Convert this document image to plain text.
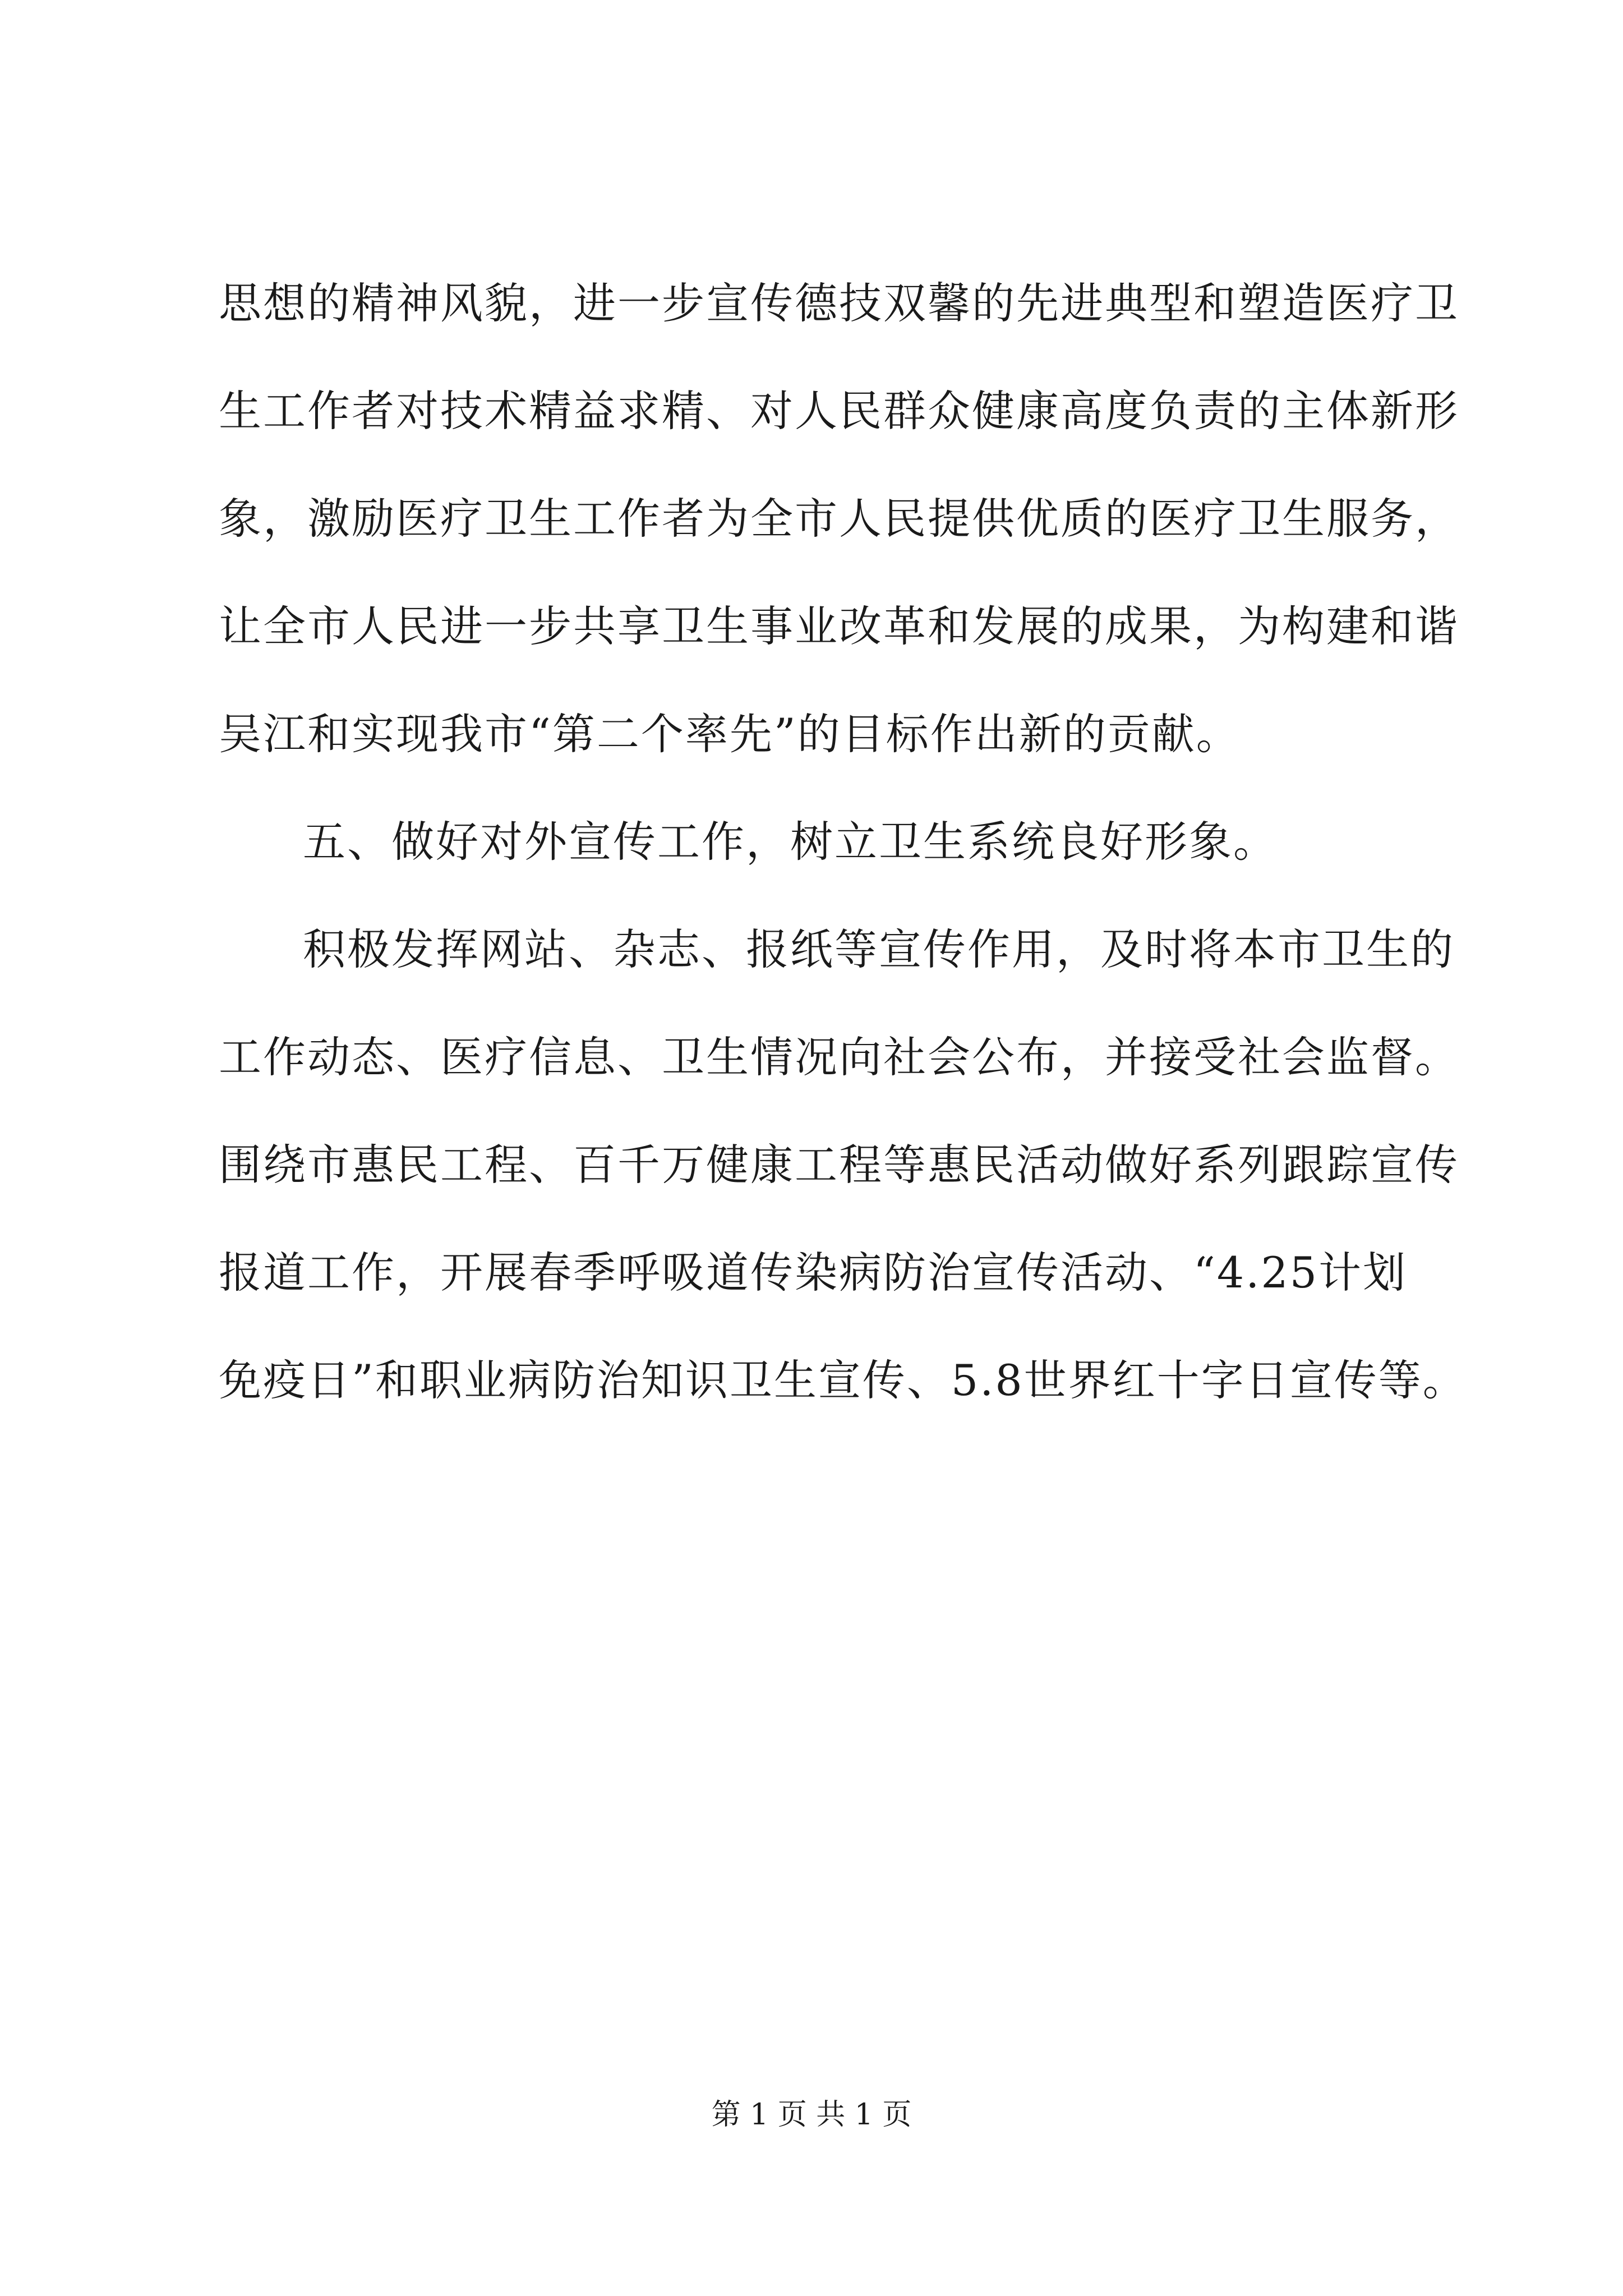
思想的精神风貌，进一步宣传德技双馨的先进典型和塑造医疗卫
生工作者对技术精益求精、对人民群众健康高度负责的主体新形
象，激励医疗卫生工作者为全市人民提供优质的医疗卫生服务，
让全市人民进一步共享卫生事业改革和发展的成果，为构建和谐
吴江和实现我市“第二个率先”的目标作出新的贡献。
五、做好对外宣传工作，树立卫生系统良好形象。
积极发挥网站、杂志、报纸等宣传作用，及时将本市卫生的
工作动态、医疗信息、卫生情况向社会公布，并接受社会监督。
围绕市惠民工程、百千万健康工程等惠民活动做好系列跟踪宣传
报道工作，开展春季呼吸道传染病防治宣传活动、“4.25计划
免疫日”和职业病防治知识卫生宣传、5.8世界红十字日宣传等。
第 1 页 共 1 页
